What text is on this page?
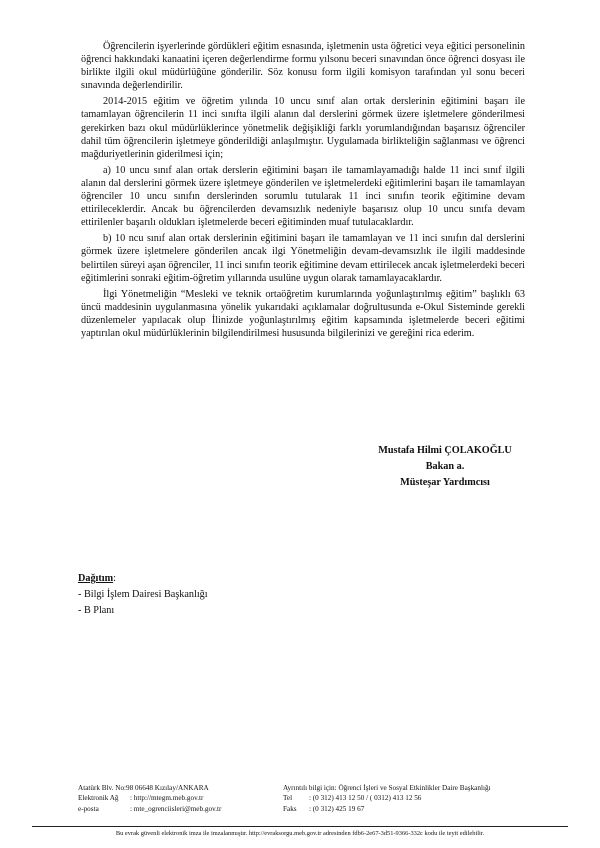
Öğrencilerin işyerlerinde gördükleri eğitim esnasında, işletmenin usta öğretici veya eğitici personelinin öğrenci hakkındaki kanaatini içeren değerlendirme formu yılsonu beceri sınavından önce öğrenci dosyası ile birlikte ilgili okul müdürlüğüne gönderilir. Söz konusu form ilgili komisyon tarafından yıl sonu beceri sınavında değerlendirilir.

2014-2015 eğitim ve öğretim yılında 10 uncu sınıf alan ortak derslerinin eğitimini başarı ile tamamlayan öğrencilerin 11 inci sınıfta ilgili alanın dal derslerini görmek üzere işletmelere gönderilmesi gerekirken bazı okul müdürlüklerince yönetmelik değişikliği farklı yorumlandığından başarısız öğrenciler dahil tüm öğrencilerin işletmeye gönderildiği anlaşılmıştır. Uygulamada birlikteliğin sağlanması ve öğrenci mağduriyetlerinin giderilmesi için;

a) 10 uncu sınıf alan ortak derslerin eğitimini başarı ile tamamlayamadığı halde 11 inci sınıf ilgili alanın dal derslerini görmek üzere işletmeye gönderilen ve işletmelerdeki eğitimlerini başarı ile tamamlayan öğrenciler 10 uncu sınıfın derslerinden sorumlu tutularak 11 inci sınıfın teorik eğitimine devam ettirileceklerdir. Ancak bu öğrencilerden devamsızlık nedeniyle başarısız olup 10 uncu sınıfa devam ettirilenler başarılı oldukları işletmelerde beceri eğitiminden muaf tutulacaklardır.

b) 10 ncu sınıf alan ortak derslerinin eğitimini başarı ile tamamlayan ve 11 inci sınıfın dal derslerini görmek üzere işletmelere gönderilen ancak ilgi Yönetmeliğin devam-devamsızlık ile ilgili maddesinde belirtilen süreyi aşan öğrenciler, 11 inci sınıfın teorik eğitimine devam ettirilecek ancak işletmelerdeki beceri eğitimlerini sonraki eğitim-öğretim yıllarında usulüne uygun olarak tamamlayacaklardır.

İlgi Yönetmeliğin “Mesleki ve teknik ortaöğretim kurumlarında yoğunlaştırılmış eğitim” başlıklı 63 üncü maddesinin uygulanmasına yönelik yukarıdaki açıklamalar doğrultusunda e-Okul Sisteminde gerekli düzenlemeler yapılacak olup İlinizde yoğunlaştırılmış eğitim kapsamında işletmelerde beceri eğitimi yaptırılan okul müdürlüklerinin bilgilendirilmesi hususunda bilgilerinizi ve gereğini rica ederim.

Mustafa Hilmi ÇOLAKOĞLU
Bakan a.
Müsteşar Yardımcısı
Dağıtım:
- Bilgi İşlem Dairesi Başkanlığı
- B Planı
Atatürk Blv. No:98 06648 Kızılay/ANKARA	Ayrıntılı bilgi için: Öğrenci İşleri ve Sosyal Etkinlikler Daire Başkanlığı
Elektronik Ağ : http://mtegm.meb.gov.tr	Tel : (0 312) 413 12 50 / ( 0312) 413 12 56
e-posta	: mte_ogrenciisleri@meb.gov.tr	Faks : (0 312) 425 19 67
Bu evrak güvenli elektronik imza ile imzalanmıştır. http://evraksorgu.meb.gov.tr adresinden fdb6-2e67-3d51-9366-332c kodu ile teyit edilebilir.
